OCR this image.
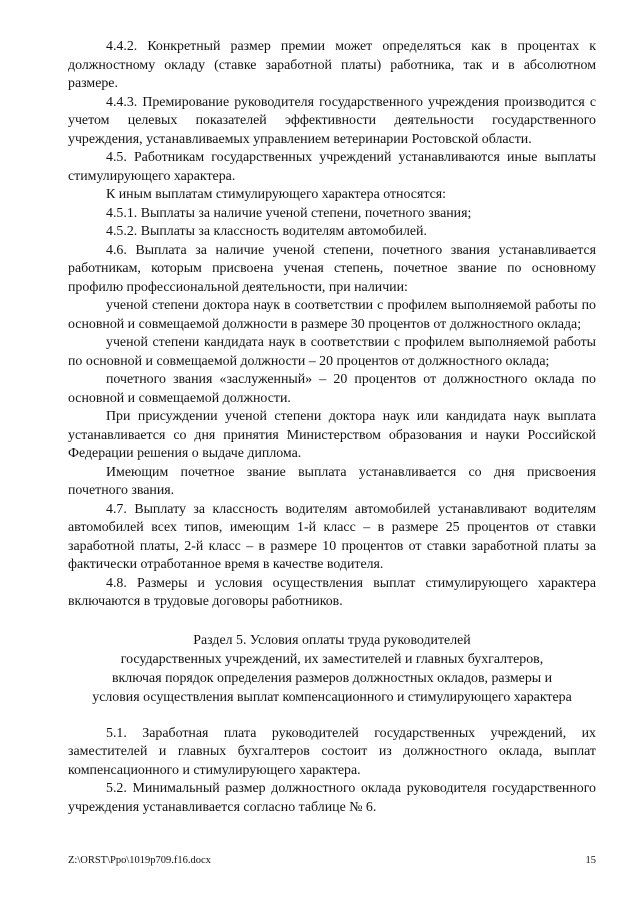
4.4.2. Конкретный размер премии может определяться как в процентах к должностному окладу (ставке заработной платы) работника, так и в абсолютном размере.

4.4.3. Премирование руководителя государственного учреждения производится с учетом целевых показателей эффективности деятельности государственного учреждения, устанавливаемых управлением ветеринарии Ростовской области.

4.5. Работникам государственных учреждений устанавливаются иные выплаты стимулирующего характера.

К иным выплатам стимулирующего характера относятся:

4.5.1. Выплаты за наличие ученой степени, почетного звания;

4.5.2. Выплаты за классность водителям автомобилей.

4.6. Выплата за наличие ученой степени, почетного звания устанавливается работникам, которым присвоена ученая степень, почетное звание по основному профилю профессиональной деятельности, при наличии:

ученой степени доктора наук в соответствии с профилем выполняемой работы по основной и совмещаемой должности в размере 30 процентов от должностного оклада;

ученой степени кандидата наук в соответствии с профилем выполняемой работы по основной и совмещаемой должности – 20 процентов от должностного оклада;

почетного звания «заслуженный» – 20 процентов от должностного оклада по основной и совмещаемой должности.

При присуждении ученой степени доктора наук или кандидата наук выплата устанавливается со дня принятия Министерством образования и науки Российской Федерации решения о выдаче диплома.

Имеющим почетное звание выплата устанавливается со дня присвоения почетного звания.

4.7. Выплату за классность водителям автомобилей устанавливают водителям автомобилей всех типов, имеющим 1-й класс – в размере 25 процентов от ставки заработной платы, 2-й класс – в размере 10 процентов от ставки заработной платы за фактически отработанное время в качестве водителя.

4.8. Размеры и условия осуществления выплат стимулирующего характера включаются в трудовые договоры работников.

Раздел 5. Условия оплаты труда руководителей
государственных учреждений, их заместителей и главных бухгалтеров,
включая порядок определения размеров должностных окладов, размеры и
условия осуществления выплат компенсационного и стимулирующего характера

5.1. Заработная плата руководителей государственных учреждений, их заместителей и главных бухгалтеров состоит из должностного оклада, выплат компенсационного и стимулирующего характера.

5.2. Минимальный размер должностного оклада руководителя государственного учреждения устанавливается согласно таблице № 6.

Z:\ORST\Ppo\1019p709.f16.docx	15
